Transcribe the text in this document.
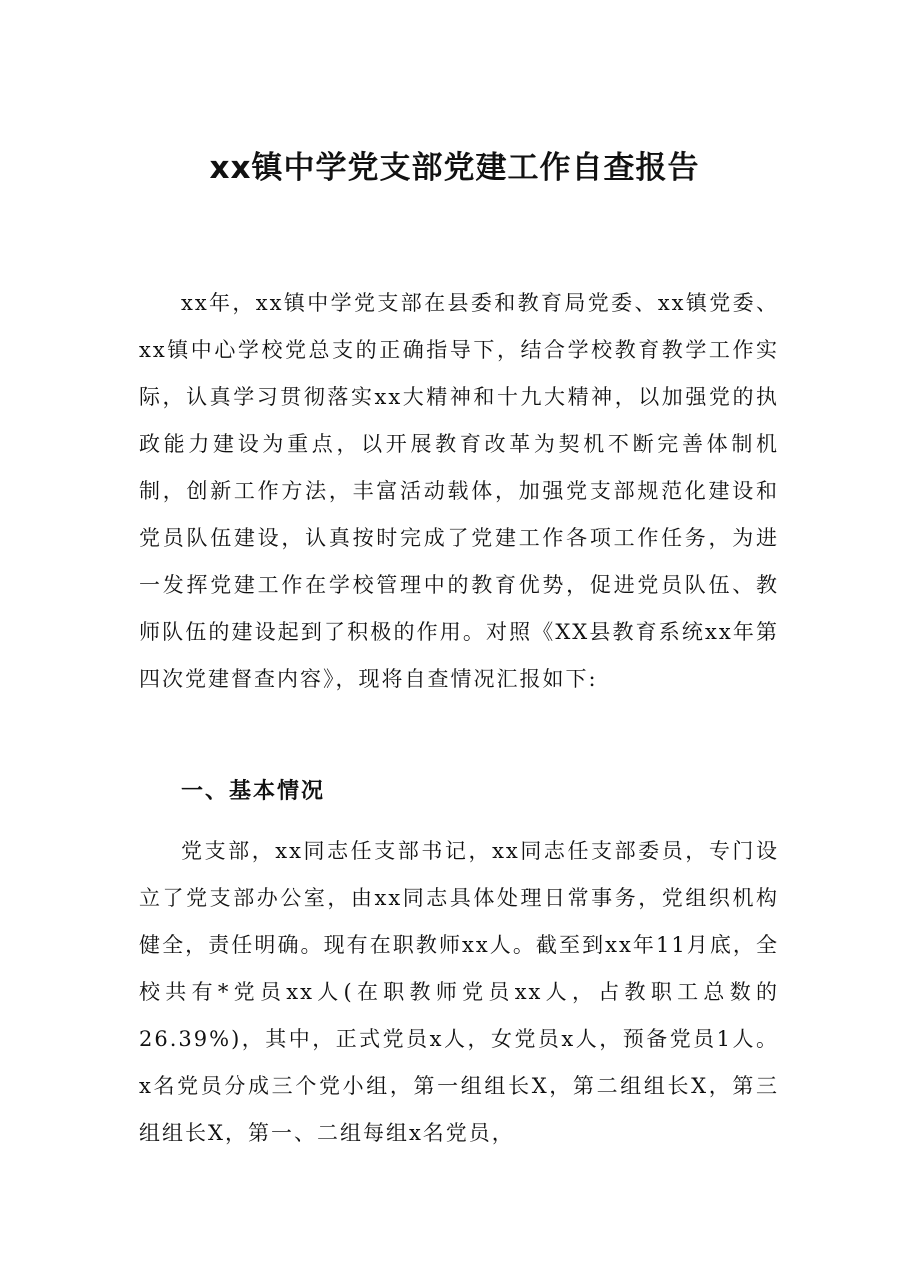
xx镇中学党支部党建工作自查报告

xx年，xx镇中学党支部在县委和教育局党委、xx镇党委、xx镇中心学校党总支的正确指导下，结合学校教育教学工作实际，认真学习贯彻落实xx大精神和十九大精神，以加强党的执政能力建设为重点，以开展教育改革为契机不断完善体制机制，创新工作方法，丰富活动载体，加强党支部规范化建设和党员队伍建设，认真按时完成了党建工作各项工作任务，为进一发挥党建工作在学校管理中的教育优势，促进党员队伍、教师队伍的建设起到了积极的作用。对照《XX县教育系统xx年第四次党建督查内容》，现将自查情况汇报如下:

一、基本情况

党支部，xx同志任支部书记，xx同志任支部委员，专门设立了党支部办公室，由xx同志具体处理日常事务，党组织机构健全，责任明确。现有在职教师xx人。截至到xx年11月底，全校共有*党员xx人(在职教师党员xx人，占教职工总数的26.39%)，其中，正式党员x人，女党员x人，预备党员1人。x名党员分成三个党小组，第一组组长X，第二组组长X，第三组组长X，第一、二组每组x名党员，
